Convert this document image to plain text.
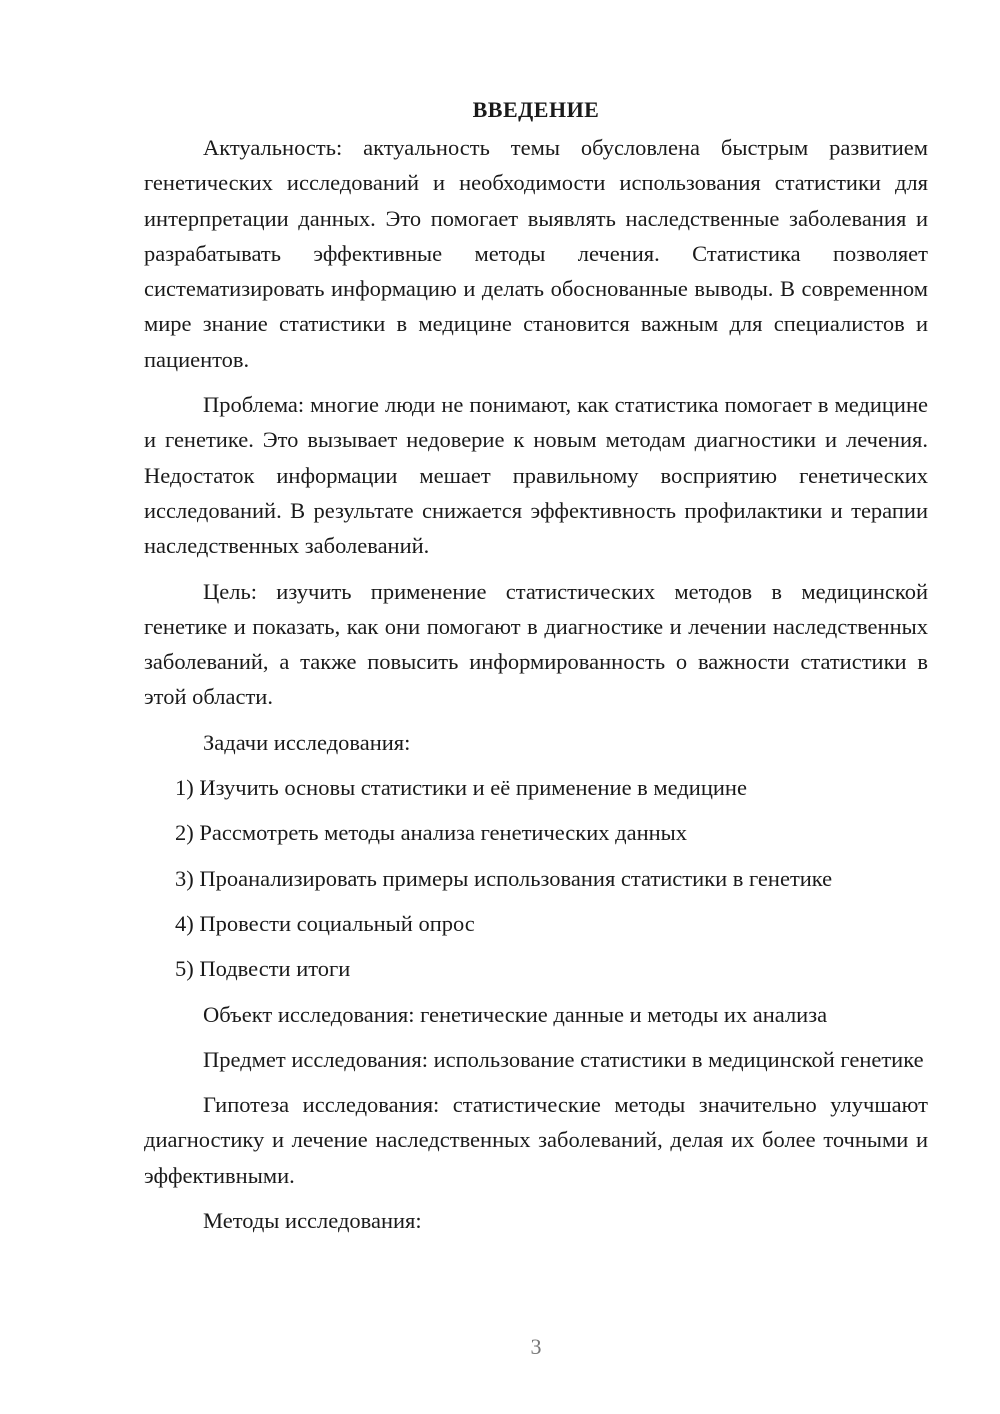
ВВЕДЕНИЕ

Актуальность: актуальность темы обусловлена быстрым развитием генетических исследований и необходимости использования статистики для интерпретации данных. Это помогает выявлять наследственные заболевания и разрабатывать эффективные методы лечения. Статистика позволяет систематизировать информацию и делать обоснованные выводы. В современном мире знание статистики в медицине становится важным для специалистов и пациентов.

Проблема: многие люди не понимают, как статистика помогает в медицине и генетике. Это вызывает недоверие к новым методам диагностики и лечения. Недостаток информации мешает правильному восприятию генетических исследований. В результате снижается эффективность профилактики и терапии наследственных заболеваний.

Цель: изучить применение статистических методов в медицинской генетике и показать, как они помогают в диагностике и лечении наследственных заболеваний, а также повысить информированность о важности статистики в этой области.

Задачи исследования:
1) Изучить основы статистики и её применение в медицине
2) Рассмотреть методы анализа генетических данных
3) Проанализировать примеры использования статистики в генетике
4) Провести социальный опрос
5) Подвести итоги
Объект исследования: генетические данные и методы их анализа

Предмет исследования: использование статистики в медицинской генетике

Гипотеза исследования: статистические методы значительно улучшают диагностику и лечение наследственных заболеваний, делая их более точными и эффективными.

Методы исследования:
3
